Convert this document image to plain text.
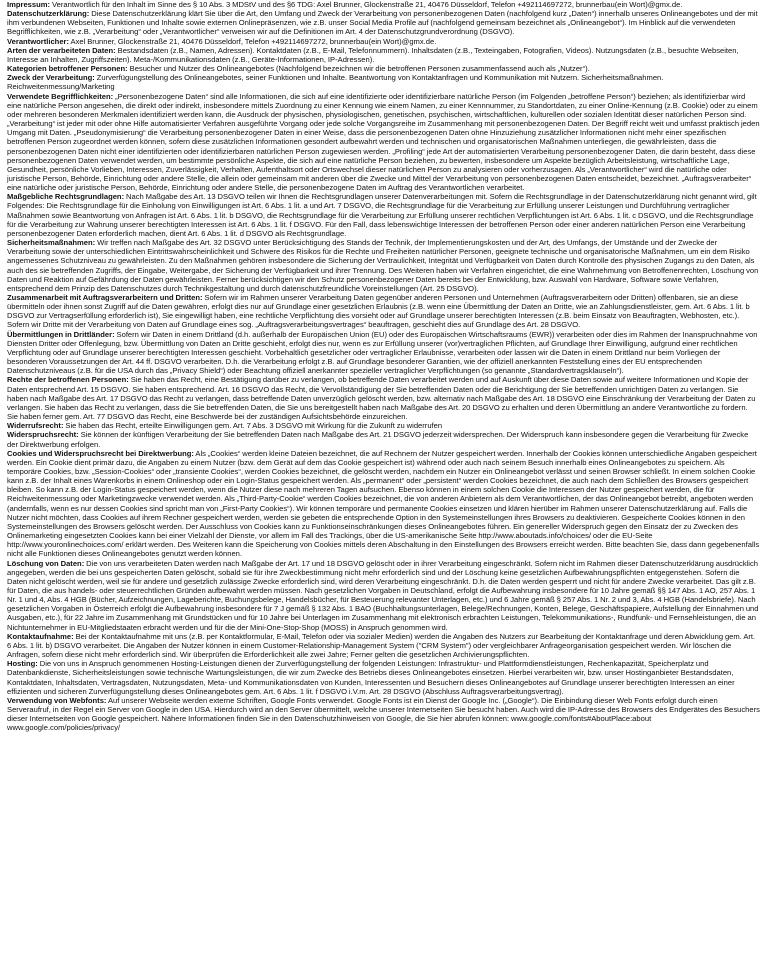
Impressum: Verantwortlich für den Inhalt im Sinne des § 10 Abs. 3 MDStV und des §6 TDG: Axel Brunner, Glockenstraße 21, 40476 Düsseldorf, Telefon +492114697272, brunnerbau(ein Wort)@gmx.de.

Datenschutzerklärung: Diese Datenschutzerklärung klärt Sie über die Art, den Umfang und Zweck der Verarbeitung von personenbezogenen Daten (nachfolgend kurz „Daten“) innerhalb unseres Onlineangebotes und der mit ihm verbundenen Webseiten, Funktionen und Inhalte sowie externen Onlinepräsenzen, wie z.B. unser Social Media Profile auf (nachfolgend gemeinsam bezeichnet als „Onlineangebot“). Im Hinblick auf die verwendeten Begrifflichkeiten, wie z.B. „Verarbeitung“ oder „Verantwortlicher“ verweisen wir auf die Definitionen im Art. 4 der Datenschutzgrundverordnung (DSGVO).

Verantwortlicher: Axel Brunner, Glockenstraße 21, 40476 Düsseldorf, Telefon +492114697272, brunnerbau(ein Wort)@gmx.de.

Arten der verarbeiteten Daten: Bestandsdaten (z.B., Namen, Adressen). Kontaktdaten (z.B., E-Mail, Telefonnummern). Inhaltsdaten (z.B., Texteingaben, Fotografien, Videos). Nutzungsdaten (z.B., besuchte Webseiten, Interesse an Inhalten, Zugriffszeiten). Meta-/Kommunikationsdaten (z.B., Geräte-Informationen, IP-Adressen).

Kategorien betroffener Personen: Besucher und Nutzer des Onlineangebotes (Nachfolgend bezeichnen wir die betroffenen Personen zusammenfassend auch als „Nutzer“).

Zweck der Verarbeitung: Zurverfügungstellung des Onlineangebotes, seiner Funktionen und Inhalte. Beantwortung von Kontaktanfragen und Kommunikation mit Nutzern. Sicherheitsmaßnahmen. Reichweitenmessung/Marketing

Verwendete Begrifflichkeiten: „Personenbezogene Daten“ sind alle Informationen, die sich auf eine identifizierte oder identifizierbare natürliche Person (im Folgenden „betroffene Person“) beziehen; als identifizierbar wird eine natürliche Person angesehen, die direkt oder indirekt, insbesondere mittels Zuordnung zu einer Kennung wie einem Namen, zu einer Kennnummer, zu Standortdaten, zu einer Online-Kennung (z.B. Cookie) oder zu einem oder mehreren besonderen Merkmalen identifiziert werden kann, die Ausdruck der physischen, physiologischen, genetischen, psychischen, wirtschaftlichen, kulturellen oder sozialen Identität dieser natürlichen Person sind. „Verarbeitung“ ist jeder mit oder ohne Hilfe automatisierter Verfahren ausgeführte Vorgang oder jede solche Vorgangsreihe im Zusammenhang mit personenbezogenen Daten. Der Begriff reicht weit und umfasst praktisch jeden Umgang mit Daten. „Pseudonymisierung“ die Verarbeitung personenbezogener Daten in einer Weise, dass die personenbezogenen Daten ohne Hinzuziehung zusätzlicher Informationen nicht mehr einer spezifischen betroffenen Person zugeordnet werden können, sofern diese zusätzlichen Informationen gesondert aufbewahrt werden und technischen und organisatorischen Maßnahmen unterliegen, die gewährleisten, dass die personenbezogenen Daten nicht einer identifizierten oder identifizierbaren natürlichen Person zugewiesen werden. „Profiling“ jede Art der automatisierten Verarbeitung personenbezogener Daten, die darin besteht, dass diese personenbezogenen Daten verwendet werden, um bestimmte persönliche Aspekte, die sich auf eine natürliche Person beziehen, zu bewerten, insbesondere um Aspekte bezüglich Arbeitsleistung, wirtschaftliche Lage, Gesundheit, persönliche Vorlieben, Interessen, Zuverlässigkeit, Verhalten, Aufenthaltsort oder Ortswechsel dieser natürlichen Person zu analysieren oder vorherzusagen. Als „Verantwortlicher“ wird die natürliche oder juristische Person, Behörde, Einrichtung oder andere Stelle, die allein oder gemeinsam mit anderen über die Zwecke und Mittel der Verarbeitung von personenbezogenen Daten entscheidet, bezeichnet. „Auftragsverarbeiter“ eine natürliche oder juristische Person, Behörde, Einrichtung oder andere Stelle, die personenbezogene Daten im Auftrag des Verantwortlichen verarbeitet.

Maßgebliche Rechtsgrundlagen: Nach Maßgabe des Art. 13 DSGVO teilen wir Ihnen die Rechtsgrundlagen unserer Datenverarbeitungen mit. Sofern die Rechtsgrundlage in der Datenschutzerklärung nicht genannt wird, gilt Folgendes: Die Rechtsgrundlage für die Einholung von Einwilligungen ist Art. 6 Abs. 1 lit. a und Art. 7 DSGVO, die Rechtsgrundlage für die Verarbeitung zur Erfüllung unserer Leistungen und Durchführung vertraglicher Maßnahmen sowie Beantwortung von Anfragen ist Art. 6 Abs. 1 lit. b DSGVO, die Rechtsgrundlage für die Verarbeitung zur Erfüllung unserer rechtlichen Verpflichtungen ist Art. 6 Abs. 1 lit. c DSGVO, und die Rechtsgrundlage für die Verarbeitung zur Wahrung unserer berechtigten Interessen ist Art. 6 Abs. 1 lit. f DSGVO. Für den Fall, dass lebenswichtige Interessen der betroffenen Person oder einer anderen natürlichen Person eine Verarbeitung personenbezogener Daten erforderlich machen, dient Art. 6 Abs. 1 lit. d DSGVO als Rechtsgrundlage.

Sicherheitsmaßnahmen: Wir treffen nach Maßgabe des Art. 32 DSGVO unter Berücksichtigung des Stands der Technik, der Implementierungskosten und der Art, des Umfangs, der Umstände und der Zwecke der Verarbeitung sowie der unterschiedlichen Eintrittswahrscheinlichkeit und Schwere des Risikos für die Rechte und Freiheiten natürlicher Personen, geeignete technische und organisatorische Maßnahmen, um ein dem Risiko angemessenes Schutzniveau zu gewährleisten. Zu den Maßnahmen gehören insbesondere die Sicherung der Vertraulichkeit, Integrität und Verfügbarkeit von Daten durch Kontrolle des physischen Zugangs zu den Daten, als auch des sie betreffenden Zugriffs, der Eingabe, Weitergabe, der Sicherung der Verfügbarkeit und ihrer Trennung. Des Weiteren haben wir Verfahren eingerichtet, die eine Wahrnehmung von Betroffenenrechten, Löschung von Daten und Reaktion auf Gefährdung der Daten gewährleisten. Ferner berücksichtigen wir den Schutz personenbezogener Daten bereits bei der Entwicklung, bzw. Auswahl von Hardware, Software sowie Verfahren, entsprechend dem Prinzip des Datenschutzes durch Technikgestaltung und durch datenschutzfreundliche Voreinstellungen (Art. 25 DSGVO).

Zusammenarbeit mit Auftragsverarbeitern und Dritten: Sofern wir im Rahmen unserer Verarbeitung Daten gegenüber anderen Personen und Unternehmen (Auftragsverarbeitern oder Dritten) offenbaren, sie an diese übermitteln oder ihnen sonst Zugriff auf die Daten gewähren, erfolgt dies nur auf Grundlage einer gesetzlichen Erlaubnis (z.B. wenn eine Übermittlung der Daten an Dritte, wie an Zahlungsdienstleister, gem. Art. 6 Abs. 1 lit. b DSGVO zur Vertragserfüllung erforderlich ist), Sie eingewilligt haben, eine rechtliche Verpflichtung dies vorsieht oder auf Grundlage unserer berechtigten Interessen (z.B. beim Einsatz von Beauftragten, Webhosten, etc.). Sofern wir Dritte mit der Verarbeitung von Daten auf Grundlage eines sog. „Auftragsverarbeitungsvertrages“ beauftragen, geschieht dies auf Grundlage des Art. 28 DSGVO.

Übermittlungen in Drittländer: Sofern wir Daten in einem Drittland (d.h. außerhalb der Europäischen Union (EU) oder des Europäischen Wirtschaftsraums (EWR)) verarbeiten oder dies im Rahmen der Inanspruchnahme von Diensten Dritter oder Offenlegung, bzw. Übermittlung von Daten an Dritte geschieht, erfolgt dies nur, wenn es zur Erfüllung unserer (vor)vertraglichen Pflichten, auf Grundlage Ihrer Einwilligung, aufgrund einer rechtlichen Verpflichtung oder auf Grundlage unserer berechtigten Interessen geschieht. Vorbehaltlich gesetzlicher oder vertraglicher Erlaubnisse, verarbeiten oder lassen wir die Daten in einem Drittland nur beim Vorliegen der besonderen Voraussetzungen der Art. 44 ff. DSGVO verarbeiten. D.h. die Verarbeitung erfolgt z.B. auf Grundlage besonderer Garantien, wie der offiziell anerkannten Feststellung eines der EU entsprechenden Datenschutzniveaus (z.B. für die USA durch das „Privacy Shield“) oder Beachtung offiziell anerkannter spezieller vertraglicher Verpflichtungen (so genannte „Standardvertragsklauseln“).

Rechte der betroffenen Personen: Sie haben das Recht, eine Bestätigung darüber zu verlangen, ob betreffende Daten verarbeitet werden und auf Auskunft über diese Daten sowie auf weitere Informationen und Kopie der Daten entsprechend Art. 15 DSGVO. Sie haben entsprechend. Art. 16 DSGVO das Recht, die Vervollständigung der Sie betreffenden Daten oder die Berichtigung der Sie betreffenden unrichtigen Daten zu verlangen. Sie haben nach Maßgabe des Art. 17 DSGVO das Recht zu verlangen, dass betreffende Daten unverzüglich gelöscht werden, bzw. alternativ nach Maßgabe des Art. 18 DSGVO eine Einschränkung der Verarbeitung der Daten zu verlangen. Sie haben das Recht zu verlangen, dass die Sie betreffenden Daten, die Sie uns bereitgestellt haben nach Maßgabe des Art. 20 DSGVO zu erhalten und deren Übermittlung an andere Verantwortliche zu fordern. Sie haben ferner gem. Art. 77 DSGVO das Recht, eine Beschwerde bei der zuständigen Aufsichtsbehörde einzureichen.

Widerrufsrecht: Sie haben das Recht, erteilte Einwilligungen gem. Art. 7 Abs. 3 DSGVO mit Wirkung für die Zukunft zu widerrufen

Widerspruchsrecht: Sie können der künftigen Verarbeitung der Sie betreffenden Daten nach Maßgabe des Art. 21 DSGVO jederzeit widersprechen. Der Widerspruch kann insbesondere gegen die Verarbeitung für Zwecke der Direktwerbung erfolgen.

Cookies und Widerspruchsrecht bei Direktwerbung: Als „Cookies“ werden kleine Dateien bezeichnet, die auf Rechnern der Nutzer gespeichert werden. Innerhalb der Cookies können unterschiedliche Angaben gespeichert werden. Ein Cookie dient primär dazu, die Angaben zu einem Nutzer (bzw. dem Gerät auf dem das Cookie gespeichert ist) während oder auch nach seinem Besuch innerhalb eines Onlineangebotes zu speichern. Als temporäre Cookies, bzw. „Session-Cookies“ oder „transiente Cookies“, werden Cookies bezeichnet, die gelöscht werden, nachdem ein Nutzer ein Onlineangebot verlässt und seinen Browser schließt. In einem solchen Cookie kann z.B. der Inhalt eines Warenkorbs in einem Onlineshop oder ein Login-Status gespeichert werden. Als „permanent“ oder „persistent“ werden Cookies bezeichnet, die auch nach dem Schließen des Browsers gespeichert bleiben. So kann z.B. der Login-Status gespeichert werden, wenn die Nutzer diese nach mehreren Tagen aufsuchen. Ebenso können in einem solchen Cookie die Interessen der Nutzer gespeichert werden, die für Reichweitenmessung oder Marketingzwecke verwendet werden. Als „Third-Party-Cookie“ werden Cookies bezeichnet, die von anderen Anbietern als dem Verantwortlichen, der das Onlineangebot betreibt, angeboten werden (andernfalls, wenn es nur dessen Cookies sind spricht man von „First-Party Cookies“). Wir können temporäre und permanente Cookies einsetzen und klären hierüber im Rahmen unserer Datenschutzerklärung auf. Falls die Nutzer nicht möchten, dass Cookies auf ihrem Rechner gespeichert werden, werden sie gebeten die entsprechende Option in den Systemeinstellungen ihres Browsers zu deaktivieren. Gespeicherte Cookies können in den Systemeinstellungen des Browsers gelöscht werden. Der Ausschluss von Cookies kann zu Funktionseinschränkungen dieses Onlineangebotes führen. Ein genereller Widerspruch gegen den Einsatz der zu Zwecken des Onlinemarketing eingesetzten Cookies kann bei einer Vielzahl der Dienste, vor allem im Fall des Trackings, über die US-amerikanische Seite http://www.aboutads.info/choices/ oder die EU-Seite http://www.youronlinechoices.com/ erklärt werden. Des Weiteren kann die Speicherung von Cookies mittels deren Abschaltung in den Einstellungen des Browsers erreicht werden. Bitte beachten Sie, dass dann gegebenenfalls nicht alle Funktionen dieses Onlineangebotes genutzt werden können.

Löschung von Daten: Die von uns verarbeiteten Daten werden nach Maßgabe der Art. 17 und 18 DSGVO gelöscht oder in ihrer Verarbeitung eingeschränkt. Sofern nicht im Rahmen dieser Datenschutzerklärung ausdrücklich angegeben, werden die bei uns gespeicherten Daten gelöscht, sobald sie für ihre Zweckbestimmung nicht mehr erforderlich sind und der Löschung keine gesetzlichen Aufbewahrungspflichten entgegenstehen. Sofern die Daten nicht gelöscht werden, weil sie für andere und gesetzlich zulässige Zwecke erforderlich sind, wird deren Verarbeitung eingeschränkt. D.h. die Daten werden gesperrt und nicht für andere Zwecke verarbeitet. Das gilt z.B. für Daten, die aus handels- oder steuerrechtlichen Gründen aufbewahrt werden müssen. Nach gesetzlichen Vorgaben in Deutschland, erfolgt die Aufbewahrung insbesondere für 10 Jahre gemäß §§ 147 Abs. 1 AO, 257 Abs. 1 Nr. 1 und 4, Abs. 4 HGB (Bücher, Aufzeichnungen, Lageberichte, Buchungsbelege, Handelsbücher, für Besteuerung relevanter Unterlagen, etc.) und 6 Jahre gemäß § 257 Abs. 1 Nr. 2 und 3, Abs. 4 HGB (Handelsbriefe). Nach gesetzlichen Vorgaben in Österreich erfolgt die Aufbewahrung insbesondere für 7 J gemäß § 132 Abs. 1 BAO (Buchhaltungsunterlagen, Belege/Rechnungen, Konten, Belege, Geschäftspapiere, Aufstellung der Einnahmen und Ausgaben, etc.), für 22 Jahre im Zusammenhang mit Grundstücken und für 10 Jahre bei Unterlagen im Zusammenhang mit elektronisch erbrachten Leistungen, Telekommunikations-, Rundfunk- und Fernsehleistungen, die an Nichtunternehmer in EU-Mitgliedstaaten erbracht werden und für die der Mini-One-Stop-Shop (MOSS) in Anspruch genommen wird.

Kontaktaufnahme: Bei der Kontaktaufnahme mit uns (z.B. per Kontaktformular, E-Mail, Telefon oder via sozialer Medien) werden die Angaben des Nutzers zur Bearbeitung der Kontaktanfrage und deren Abwicklung gem. Art. 6 Abs. 1 lit. b) DSGVO verarbeitet. Die Angaben der Nutzer können in einem Customer-Relationship-Management System ("CRM System") oder vergleichbarer Anfrageorganisation gespeichert werden. Wir löschen die Anfragen, sofern diese nicht mehr erforderlich sind. Wir überprüfen die Erforderlichkeit alle zwei Jahre; Ferner gelten die gesetzlichen Archivierungspflichten.

Hosting: Die von uns in Anspruch genommenen Hosting-Leistungen dienen der Zurverfügungstellung der folgenden Leistungen: Infrastruktur- und Plattformdienstleistungen, Rechenkapazität, Speicherplatz und Datenbankdienste, Sicherheitsleistungen sowie technische Wartungsleistungen, die wir zum Zwecke des Betriebs dieses Onlineangebotes einsetzen. Hierbei verarbeiten wir, bzw. unser Hostinganbieter Bestandsdaten, Kontaktdaten, Inhaltsdaten, Vertragsdaten, Nutzungsdaten, Meta- und Kommunikationsdaten von Kunden, Interessenten und Besuchern dieses Onlineangebotes auf Grundlage unserer berechtigten Interessen an einer effizienten und sicheren Zurverfügungstellung dieses Onlineangebotes gem. Art. 6 Abs. 1 lit. f DSGVO i.V.m. Art. 28 DSGVO (Abschluss Auftragsverarbeitungsvertrag).

Verwendung von Webfonts: Auf unserer Webseite werden externe Schriften, Google Fonts verwendet. Google Fonts ist ein Dienst der Google Inc. („Google“). Die Einbindung dieser Web Fonts erfolgt durch einen Serveraufruf, in der Regel ein Server von Google in den USA. Hierdurch wird an den Server übermittelt, welche unserer Internetseiten Sie besucht haben. Auch wird die IP-Adresse des Browsers des Endgerätes des Besuchers dieser Internetseiten von Google gespeichert. Nähere Informationen finden Sie in den Datenschutzhinweisen von Google, die Sie hier abrufen können: www.google.com/fonts#AboutPlace:about www.google.com/policies/privacy/
